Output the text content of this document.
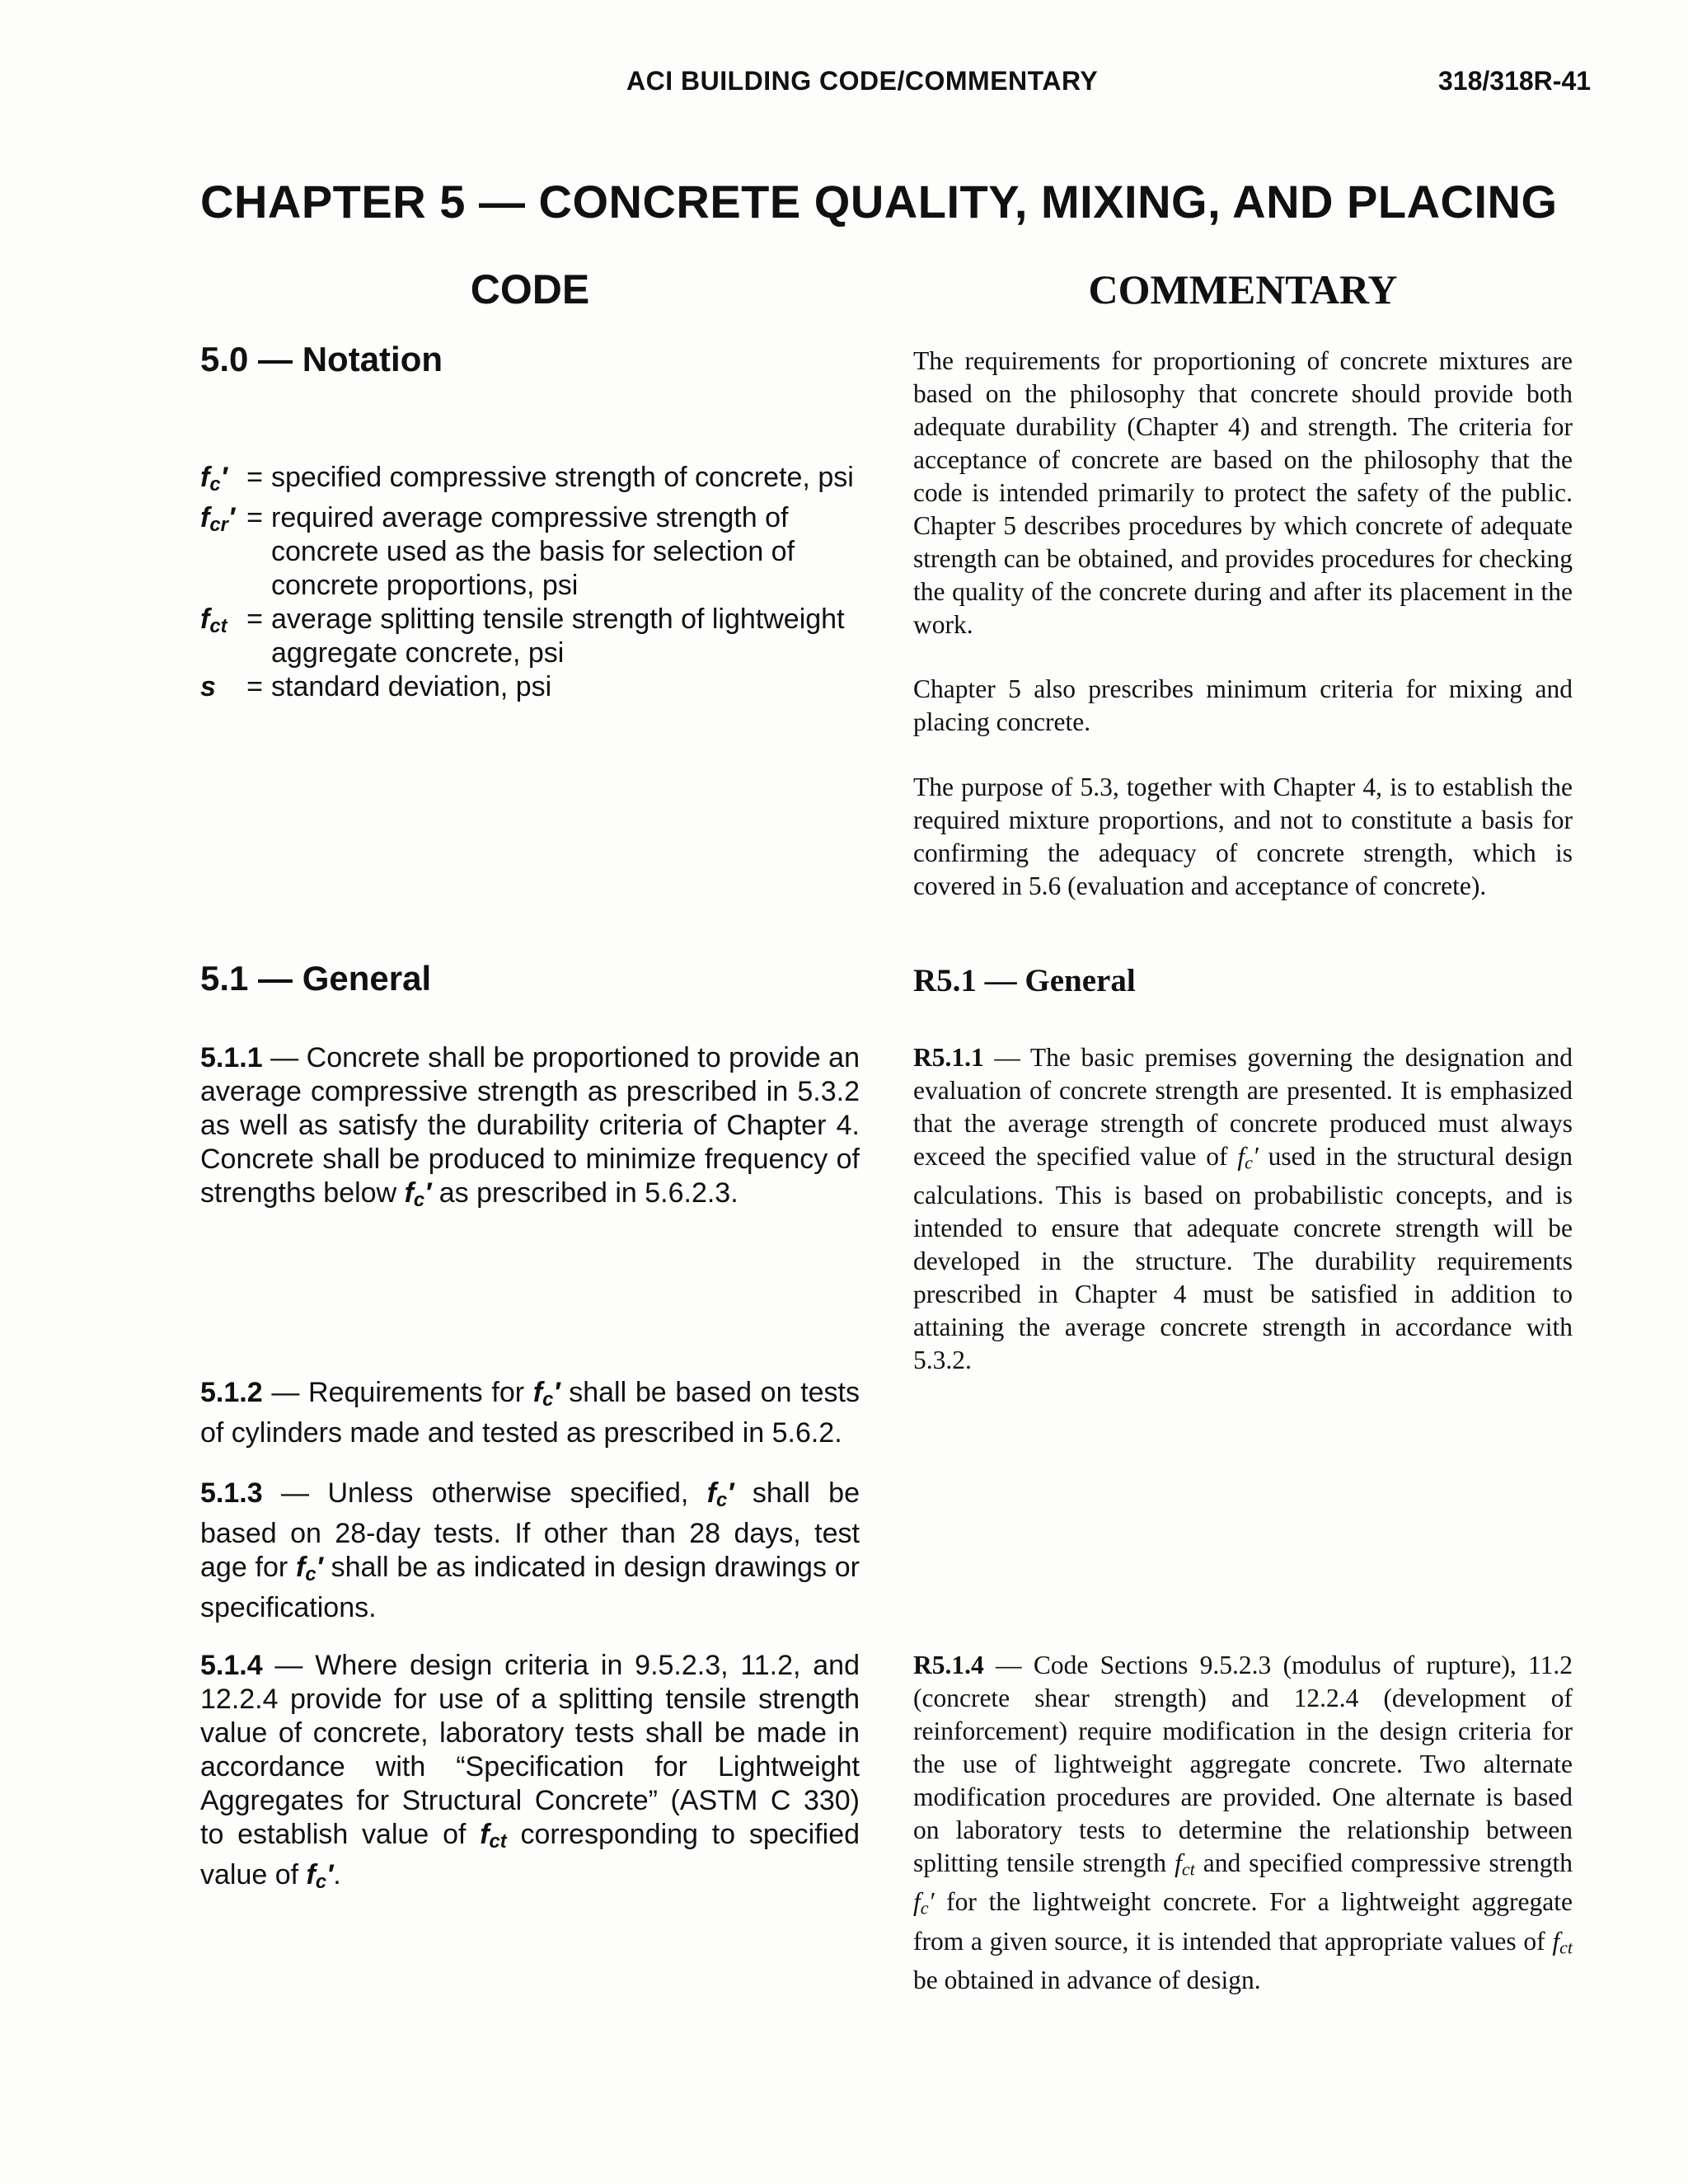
ACI BUILDING CODE/COMMENTARY	318/318R-41
CHAPTER 5 — CONCRETE QUALITY, MIXING, AND PLACING
CODE	COMMENTARY
5.0 — Notation
fc′ = specified compressive strength of concrete, psi
fcr′ = required average compressive strength of concrete used as the basis for selection of concrete proportions, psi
fct = average splitting tensile strength of lightweight aggregate concrete, psi
s	= standard deviation, psi
5.1 — General

5.1.1 — Concrete shall be proportioned to provide an average compressive strength as prescribed in 5.3.2 as well as satisfy the durability criteria of Chapter 4. Concrete shall be produced to minimize frequency of strengths below fc′ as prescribed in 5.6.2.3.

5.1.2 — Requirements for fc′ shall be based on tests of cylinders made and tested as prescribed in 5.6.2.

5.1.3 — Unless otherwise specified, fc′ shall be based on 28-day tests. If other than 28 days, test age for fc′ shall be as indicated in design drawings or specifications.

5.1.4 — Where design criteria in 9.5.2.3, 11.2, and 12.2.4 provide for use of a splitting tensile strength value of concrete, laboratory tests shall be made in accordance with “Specification for Lightweight Aggregates for Structural Concrete” (ASTM C 330) to establish value of fct corresponding to specified value of fc′.

The requirements for proportioning of concrete mixtures are based on the philosophy that concrete should provide both adequate durability (Chapter 4) and strength. The criteria for acceptance of concrete are based on the philosophy that the code is intended primarily to protect the safety of the public. Chapter 5 describes procedures by which concrete of adequate strength can be obtained, and provides procedures for checking the quality of the concrete during and after its placement in the work.

Chapter 5 also prescribes minimum criteria for mixing and placing concrete.

The purpose of 5.3, together with Chapter 4, is to establish the required mixture proportions, and not to constitute a basis for confirming the adequacy of concrete strength, which is covered in 5.6 (evaluation and acceptance of concrete).

R5.1 — General

R5.1.1 — The basic premises governing the designation and evaluation of concrete strength are presented. It is emphasized that the average strength of concrete produced must always exceed the specified value of $f_c'$ used in the structural design calculations. This is based on probabilistic concepts, and is intended to ensure that adequate concrete strength will be developed in the structure. The durability requirements prescribed in Chapter 4 must be satisfied in addition to attaining the average concrete strength in accordance with 5.3.2.

R5.1.4 — Code Sections 9.5.2.3 (modulus of rupture), 11.2 (concrete shear strength) and 12.2.4 (development of reinforcement) require modification in the design criteria for the use of lightweight aggregate concrete. Two alternate modification procedures are provided. One alternate is based on laboratory tests to determine the relationship between splitting tensile strength $f_{ct}$ and specified compressive strength $f_c'$ for the lightweight concrete. For a lightweight aggregate from a given source, it is intended that appropriate values of $f_{ct}$ be obtained in advance of design.
